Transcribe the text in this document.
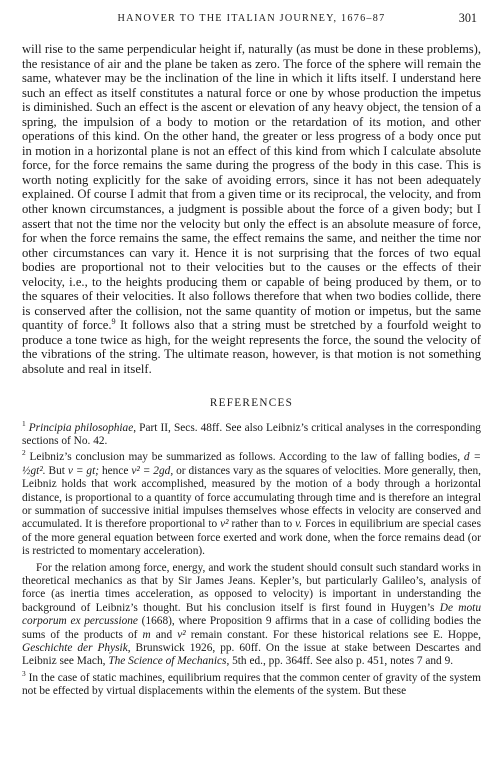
HANOVER TO THE ITALIAN JOURNEY, 1676–87	301

will rise to the same perpendicular height if, naturally (as must be done in these problems), the resistance of air and the plane be taken as zero. The force of the sphere will remain the same, whatever may be the inclination of the line in which it lifts itself. I understand here such an effect as itself constitutes a natural force or one by whose production the impetus is diminished. Such an effect is the ascent or elevation of any heavy object, the tension of a spring, the impulsion of a body to motion or the retardation of its motion, and other operations of this kind. On the other hand, the greater or less progress of a body once put in motion in a horizontal plane is not an effect of this kind from which I calculate absolute force, for the force remains the same during the progress of the body in this case. This is worth noting explicitly for the sake of avoiding errors, since it has not been adequately explained. Of course I admit that from a given time or its reciprocal, the velocity, and from other known circumstances, a judgment is possible about the force of a given body; but I assert that not the time nor the velocity but only the effect is an absolute measure of force, for when the force remains the same, the effect remains the same, and neither the time nor other circumstances can vary it. Hence it is not surprising that the forces of two equal bodies are proportional not to their velocities but to the causes or the effects of their velocity, i.e., to the heights producing them or capable of being produced by them, or to the squares of their velocities. It also follows therefore that when two bodies collide, there is conserved after the collision, not the same quantity of motion or impetus, but the same quantity of force.$^9$ It follows also that a string must be stretched by a fourfold weight to produce a tone twice as high, for the weight represents the force, the sound the velocity of the vibrations of the string. The ultimate reason, however, is that motion is not something absolute and real in itself.

REFERENCES

$^1$ Principia philosophiae, Part II, Secs. 48ff. See also Leibniz’s critical analyses in the corresponding sections of No. 42.

$^2$ Leibniz’s conclusion may be summarized as follows. According to the law of falling bodies, d = ½gt². But v = gt; hence v² = 2gd, or distances vary as the squares of velocities. More generally, then, Leibniz holds that work accomplished, measured by the motion of a body through a horizontal distance, is proportional to a quantity of force accumulating through time and is therefore an integral or summation of successive initial impulses themselves whose effects in velocity are conserved and accumulated. It is therefore proportional to v² rather than to v. Forces in equilibrium are special cases of the more general equation between force exerted and work done, when the force remains dead (or is restricted to momentary acceleration).

For the relation among force, energy, and work the student should consult such standard works in theoretical mechanics as that by Sir James Jeans. Kepler’s, but particularly Galileo’s, analysis of force (as inertia times acceleration, as opposed to velocity) is important in understanding the background of Leibniz’s thought. But his conclusion itself is first found in Huygen’s De motu corporum ex percussione (1668), where Proposition 9 affirms that in a case of colliding bodies the sums of the products of m and v² remain constant. For these historical relations see E. Hoppe, Geschichte der Physik, Brunswick 1926, pp. 60ff. On the issue at stake between Descartes and Leibniz see Mach, The Science of Mechanics, 5th ed., pp. 364ff. See also p. 451, notes 7 and 9.

$^3$ In the case of static machines, equilibrium requires that the common center of gravity of the system not be effected by virtual displacements within the elements of the system. But these
